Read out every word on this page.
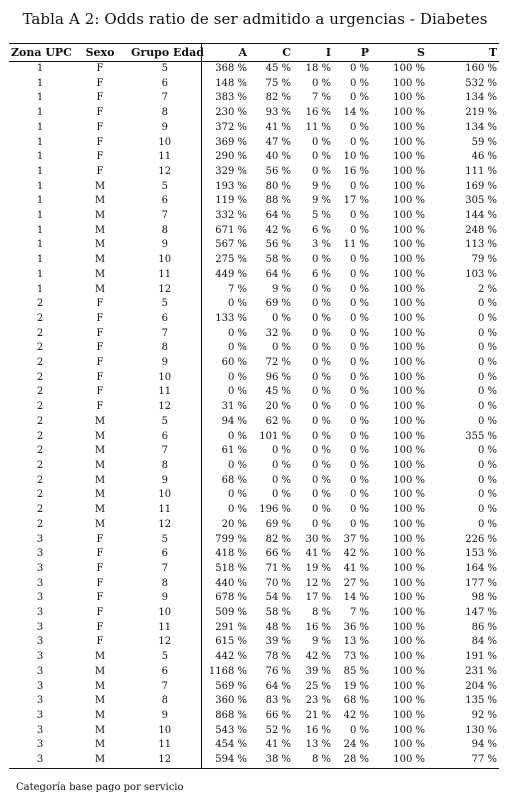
Tabla A 2: Odds ratio de ser admitido a urgencias - Diabetes
Zona UPC	Sexo	Grupo Edad	A	C	I	P	S	T
1	F	5	368 %	45 %	18 %	0 %	100 %	160 %
1	F	6	148 %	75 %	0 %	0 %	100 %	532 %
1	F	7	383 %	82 %	7 %	0 %	100 %	134 %
1	F	8	230 %	93 %	16 %	14 %	100 %	219 %
1	F	9	372 %	41 %	11 %	0 %	100 %	134 %
1	F	10	369 %	47 %	0 %	0 %	100 %	59 %
1	F	11	290 %	40 %	0 %	10 %	100 %	46 %
1	F	12	329 %	56 %	0 %	16 %	100 %	111 %
1	M	5	193 %	80 %	9 %	0 %	100 %	169 %
1	M	6	119 %	88 %	9 %	17 %	100 %	305 %
1	M	7	332 %	64 %	5 %	0 %	100 %	144 %
1	M	8	671 %	42 %	6 %	0 %	100 %	248 %
1	M	9	567 %	56 %	3 %	11 %	100 %	113 %
1	M	10	275 %	58 %	0 %	0 %	100 %	79 %
1	M	11	449 %	64 %	6 %	0 %	100 %	103 %
1	M	12	7 %	9 %	0 %	0 %	100 %	2 %
2	F	5	0 %	69 %	0 %	0 %	100 %	0 %
2	F	6	133 %	0 %	0 %	0 %	100 %	0 %
2	F	7	0 %	32 %	0 %	0 %	100 %	0 %
2	F	8	0 %	0 %	0 %	0 %	100 %	0 %
2	F	9	60 %	72 %	0 %	0 %	100 %	0 %
2	F	10	0 %	96 %	0 %	0 %	100 %	0 %
2	F	11	0 %	45 %	0 %	0 %	100 %	0 %
2	F	12	31 %	20 %	0 %	0 %	100 %	0 %
2	M	5	94 %	62 %	0 %	0 %	100 %	0 %
2	M	6	0 %	101 %	0 %	0 %	100 %	355 %
2	M	7	61 %	0 %	0 %	0 %	100 %	0 %
2	M	8	0 %	0 %	0 %	0 %	100 %	0 %
2	M	9	68 %	0 %	0 %	0 %	100 %	0 %
2	M	10	0 %	0 %	0 %	0 %	100 %	0 %
2	M	11	0 %	196 %	0 %	0 %	100 %	0 %
2	M	12	20 %	69 %	0 %	0 %	100 %	0 %
3	F	5	799 %	82 %	30 %	37 %	100 %	226 %
3	F	6	418 %	66 %	41 %	42 %	100 %	153 %
3	F	7	518 %	71 %	19 %	41 %	100 %	164 %
3	F	8	440 %	70 %	12 %	27 %	100 %	177 %
3	F	9	678 %	54 %	17 %	14 %	100 %	98 %
3	F	10	509 %	58 %	8 %	7 %	100 %	147 %
3	F	11	291 %	48 %	16 %	36 %	100 %	86 %
3	F	12	615 %	39 %	9 %	13 %	100 %	84 %
3	M	5	442 %	78 %	42 %	73 %	100 %	191 %
3	M	6	1168 %	76 %	39 %	85 %	100 %	231 %
3	M	7	569 %	64 %	25 %	19 %	100 %	204 %
3	M	8	360 %	83 %	23 %	68 %	100 %	135 %
3	M	9	868 %	66 %	21 %	42 %	100 %	92 %
3	M	10	543 %	52 %	16 %	0 %	100 %	130 %
3	M	11	454 %	41 %	13 %	24 %	100 %	94 %
3	M	12	594 %	38 %	8 %	28 %	100 %	77 %
Categoría base pago por servicio
